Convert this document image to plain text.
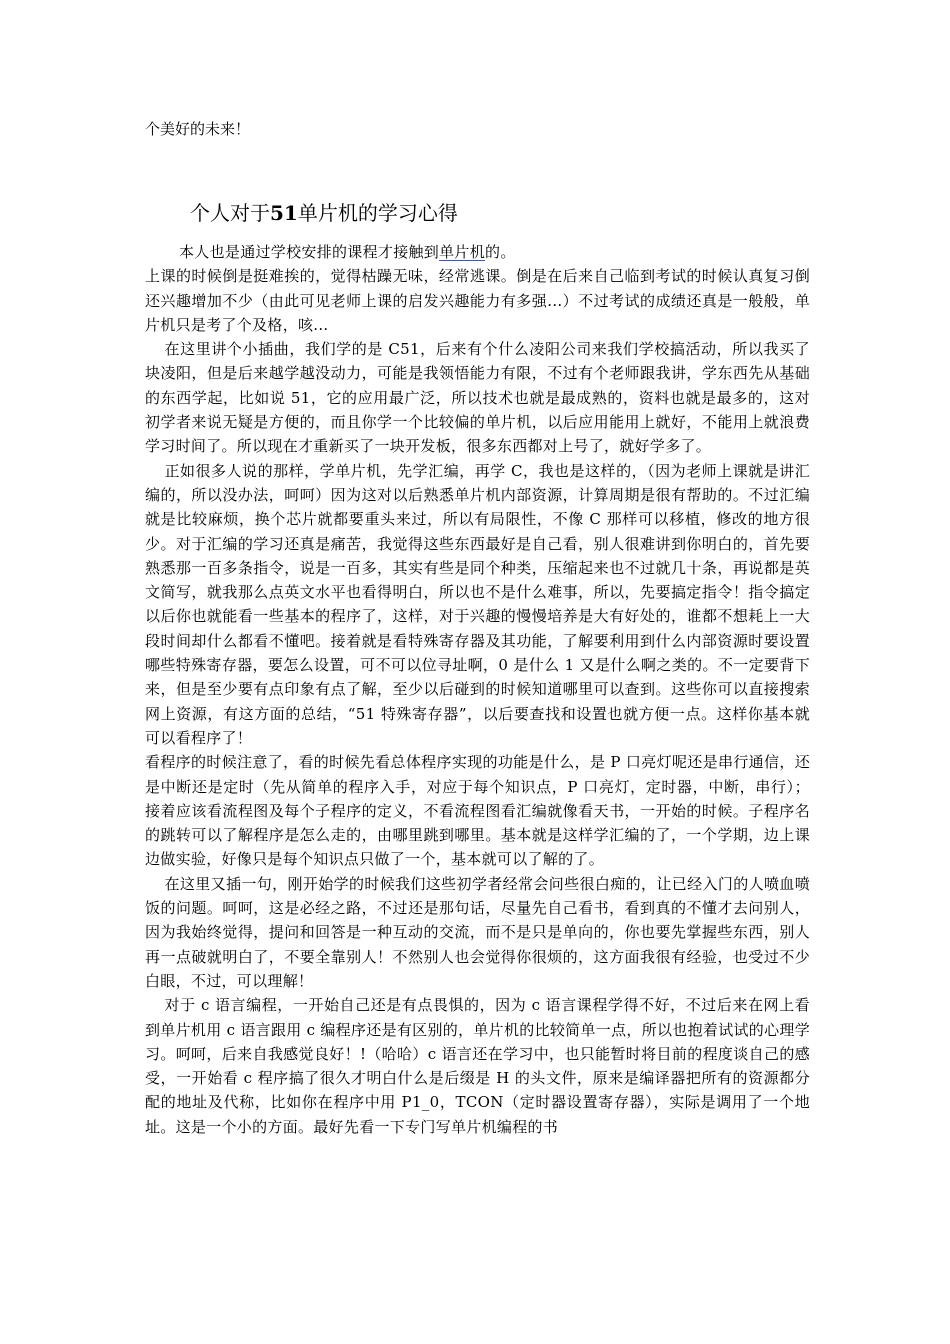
个美好的未来！
个人对于51单片机的学习心得

本人也是通过学校安排的课程才接触到单片机的。

上课的时候倒是挺难挨的，觉得枯躁无味，经常逃课。倒是在后来自己临到考试的时候认真复习倒还兴趣增加不少（由此可见老师上课的启发兴趣能力有多强...）不过考试的成绩还真是一般般，单片机只是考了个及格，咳...

在这里讲个小插曲，我们学的是 C51，后来有个什么凌阳公司来我们学校搞活动，所以我买了块凌阳，但是后来越学越没动力，可能是我领悟能力有限，不过有个老师跟我讲，学东西先从基础的东西学起，比如说 51，它的应用最广泛，所以技术也就是最成熟的，资料也就是最多的，这对初学者来说无疑是方便的，而且你学一个比较偏的单片机，以后应用能用上就好，不能用上就浪费学习时间了。所以现在才重新买了一块开发板，很多东西都对上号了，就好学多了。

正如很多人说的那样，学单片机，先学汇编，再学 C，我也是这样的，（因为老师上课就是讲汇编的，所以没办法，呵呵）因为这对以后熟悉单片机内部资源，计算周期是很有帮助的。不过汇编就是比较麻烦，换个芯片就都要重头来过，所以有局限性，不像 C 那样可以移植，修改的地方很少。对于汇编的学习还真是痛苦，我觉得这些东西最好是自己看，别人很难讲到你明白的，首先要熟悉那一百多条指令，说是一百多，其实有些是同个种类，压缩起来也不过就几十条，再说都是英文简写，就我那么点英文水平也看得明白，所以也不是什么难事，所以，先要搞定指令！指令搞定以后你也就能看一些基本的程序了，这样，对于兴趣的慢慢培养是大有好处的，谁都不想耗上一大段时间却什么都看不懂吧。接着就是看特殊寄存器及其功能，了解要利用到什么内部资源时要设置哪些特殊寄存器，要怎么设置，可不可以位寻址啊，0 是什么 1 又是什么啊之类的。不一定要背下来，但是至少要有点印象有点了解，至少以后碰到的时候知道哪里可以查到。这些你可以直接搜索网上资源，有这方面的总结，“51 特殊寄存器”，以后要查找和设置也就方便一点。这样你基本就可以看程序了！

看程序的时候注意了，看的时候先看总体程序实现的功能是什么，是 P 口亮灯呢还是串行通信，还是中断还是定时（先从简单的程序入手，对应于每个知识点，P 口亮灯，定时器，中断，串行）；接着应该看流程图及每个子程序的定义，不看流程图看汇编就像看天书，一开始的时候。子程序名的跳转可以了解程序是怎么走的，由哪里跳到哪里。基本就是这样学汇编的了，一个学期，边上课边做实验，好像只是每个知识点只做了一个，基本就可以了解的了。

在这里又插一句，刚开始学的时候我们这些初学者经常会问些很白痴的，让已经入门的人喷血喷饭的问题。呵呵，这是必经之路，不过还是那句话，尽量先自己看书，看到真的不懂才去问别人，因为我始终觉得，提问和回答是一种互动的交流，而不是只是单向的，你也要先掌握些东西，别人再一点破就明白了，不要全靠别人！不然别人也会觉得你很烦的，这方面我很有经验，也受过不少白眼，不过，可以理解！

对于 c 语言编程，一开始自己还是有点畏惧的，因为 c 语言课程学得不好，不过后来在网上看到单片机用 c 语言跟用 c 编程序还是有区别的，单片机的比较简单一点，所以也抱着试试的心理学习。呵呵，后来自我感觉良好！!（哈哈）c 语言还在学习中，也只能暂时将目前的程度谈自己的感受，一开始看 c 程序搞了很久才明白什么是后缀是 H 的头文件，原来是编译器把所有的资源都分配的地址及代称，比如你在程序中用 P1_0，TCON（定时器设置寄存器），实际是调用了一个地址。这是一个小的方面。最好先看一下专门写单片机编程的书
